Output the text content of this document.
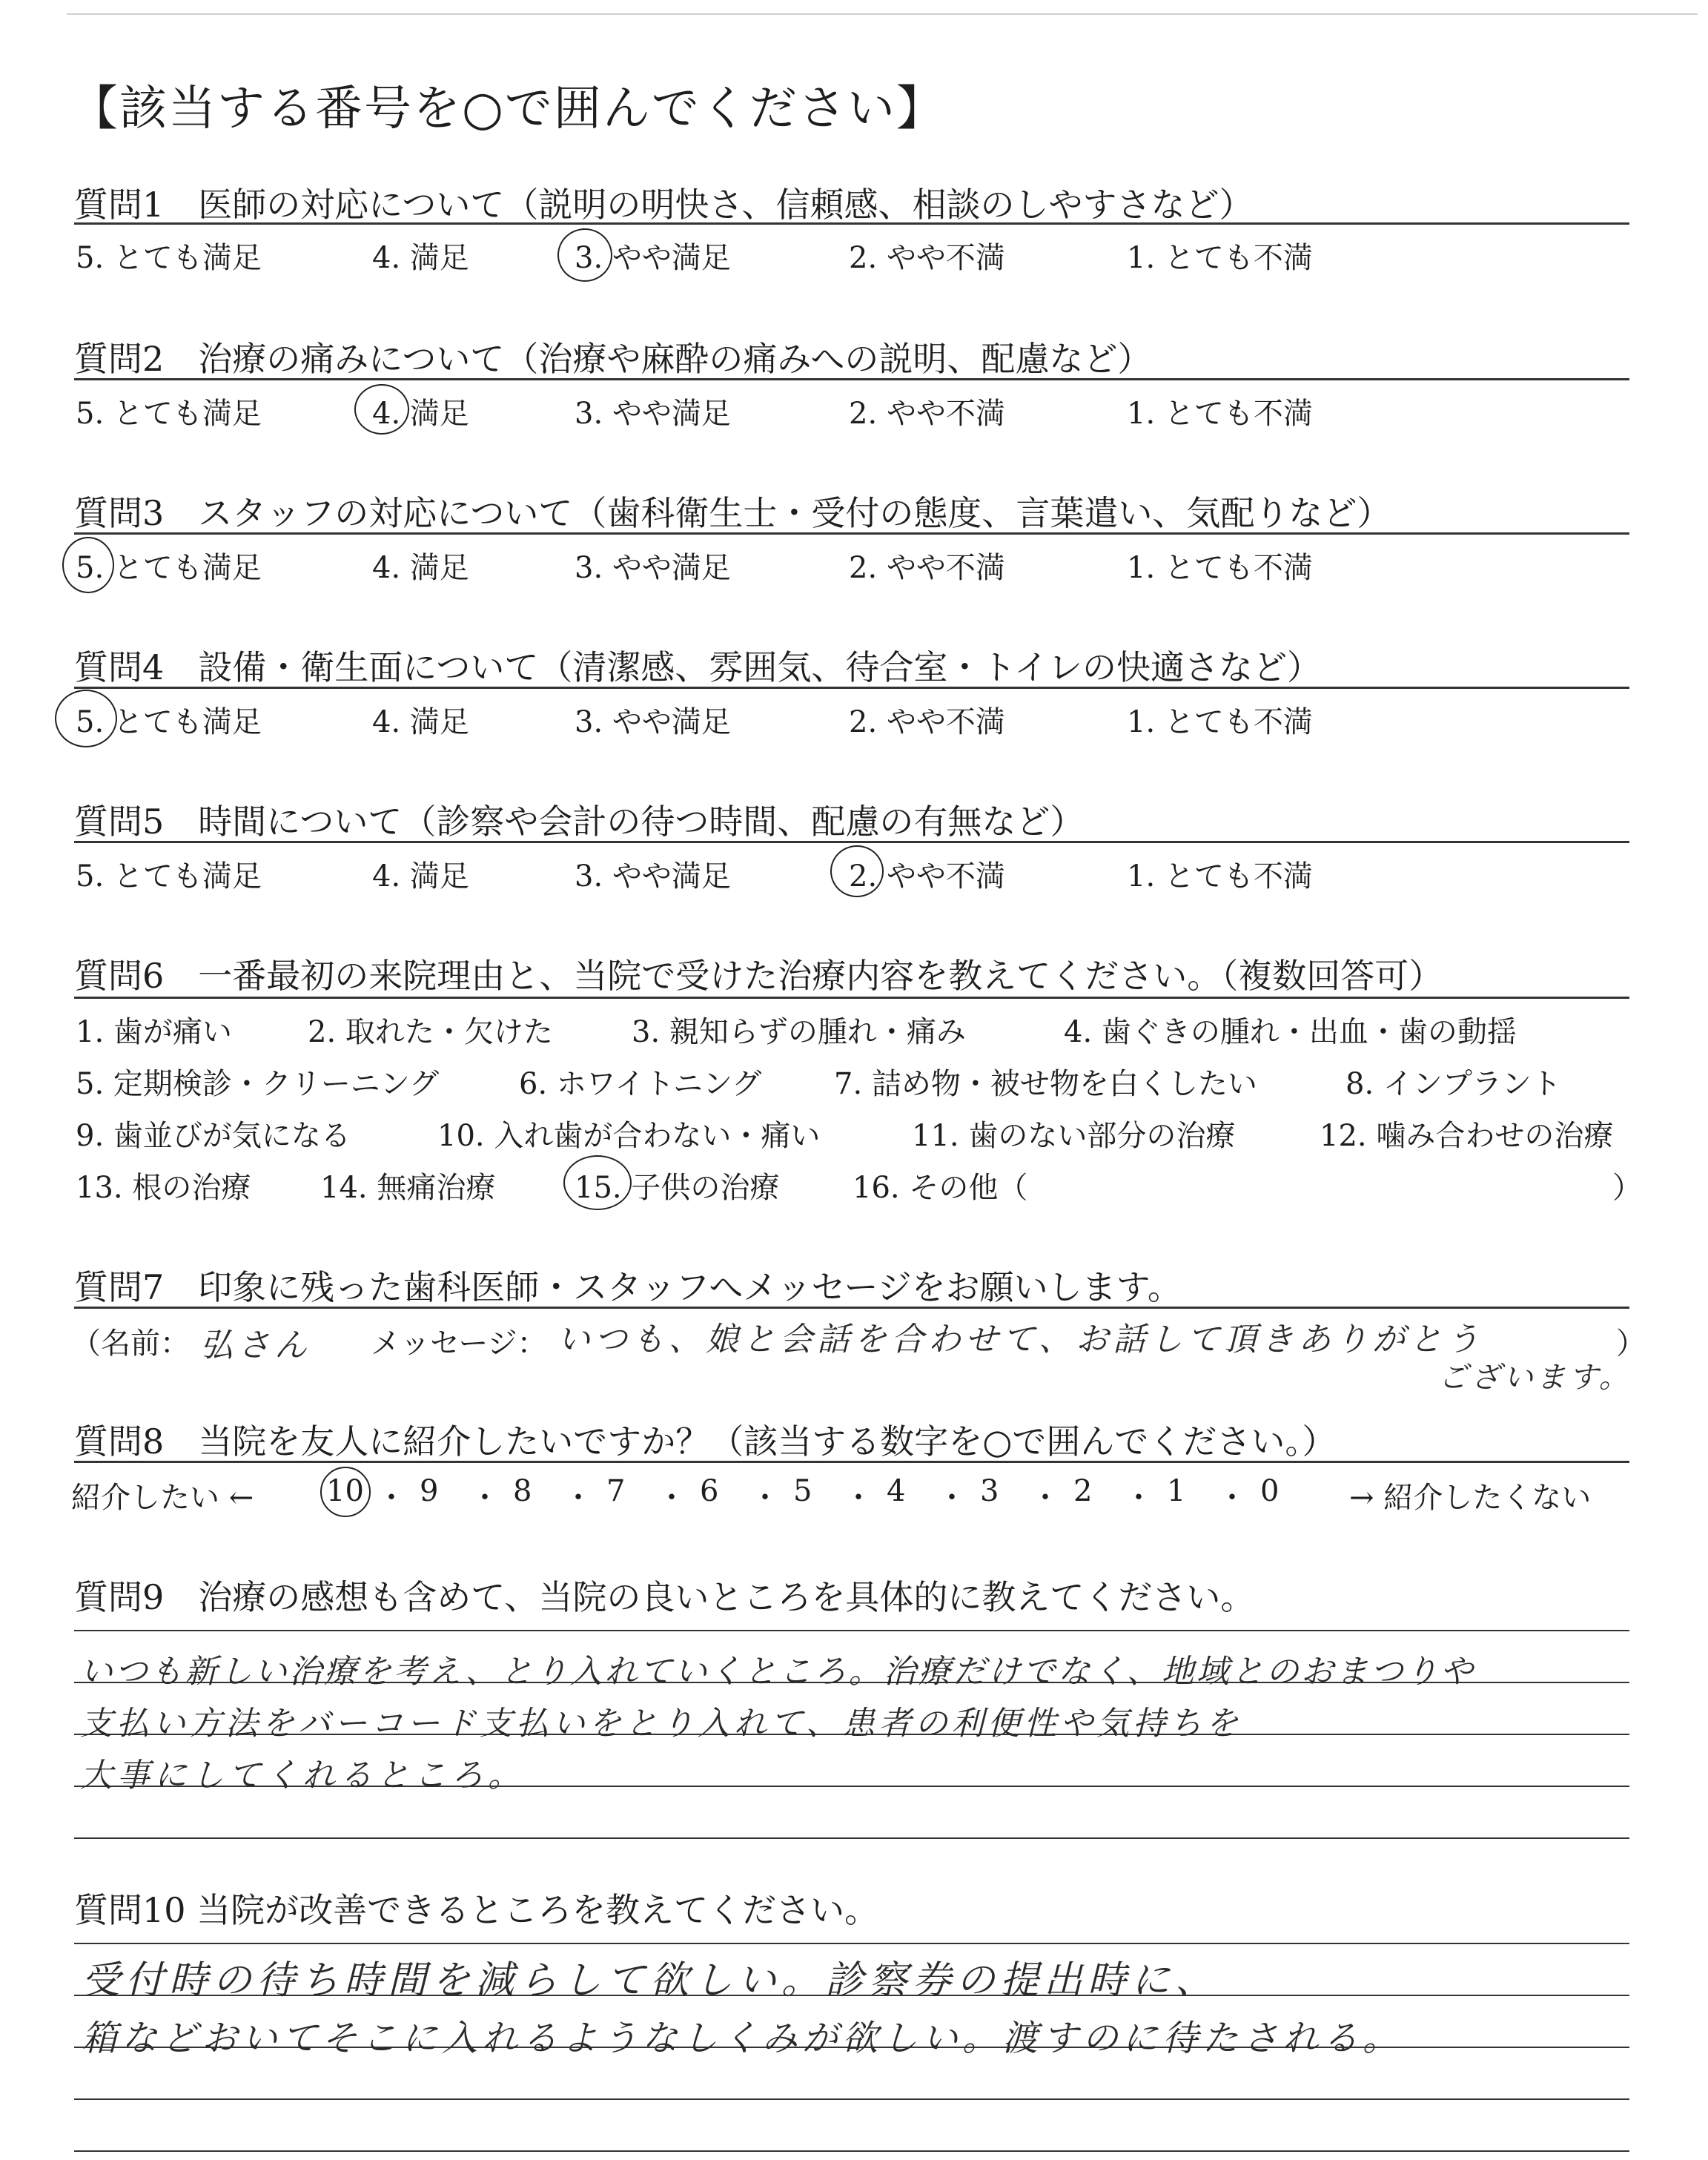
【該当する番号を○で囲んでください】
質問1　医師の対応について（説明の明快さ、信頼感、相談のしやすさなど）
5. とても満足	4. 満足	3. やや満足	2. やや不満	1. とても不満
質問2　治療の痛みについて（治療や麻酔の痛みへの説明、配慮など）
5. とても満足	4. 満足	3. やや満足	2. やや不満	1. とても不満
質問3　スタッフの対応について（歯科衛生士・受付の態度、言葉遣い、気配りなど）
5. とても満足	4. 満足	3. やや満足	2. やや不満	1. とても不満
質問4　設備・衛生面について（清潔感、雰囲気、待合室・トイレの快適さなど）
5. とても満足	4. 満足	3. やや満足	2. やや不満	1. とても不満
質問5　時間について（診察や会計の待つ時間、配慮の有無など）
5. とても満足	4. 満足	3. やや満足	2. やや不満	1. とても不満
質問6　一番最初の来院理由と、当院で受けた治療内容を教えてください。（複数回答可）
1. 歯が痛い	2. 取れた・欠けた	3. 親知らずの腫れ・痛み	4. 歯ぐきの腫れ・出血・歯の動揺
5. 定期検診・クリーニング	6. ホワイトニング 7. 詰め物・被せ物を白くしたい	8. インプラント
9. 歯並びが気になる	10. 入れ歯が合わない・痛い	11. 歯のない部分の治療	12. 噛み合わせの治療
13. 根の治療 14. 無痛治療	15. 子供の治療 16. その他（	）
質問7　印象に残った歯科医師・スタッフへメッセージをお願いします。
（名前： 弘さん メッセージ： いつも、娘と会話を合わせて、お話して頂きありがとう
ございます。
）
質問8　当院を友人に紹介したいですか？（該当する数字を○で囲んでください。）
紹介したい ← 10 ・ 9 ・ 8 ・ 7 ・ 6 ・ 5 ・ 4 ・ 3 ・ 2 ・ 1 ・ 0 → 紹介したくない
質問9　治療の感想も含めて、当院の良いところを具体的に教えてください。
いつも新しい治療を考え、とり入れていくところ。治療だけでなく、地域とのおまつりや
支払い方法をバーコード支払いをとり入れて、患者の利便性や気持ちを
大事にしてくれるところ。
質問10 当院が改善できるところを教えてください。
受付時の待ち時間を減らして欲しい。診察券の提出時に、
箱などおいてそこに入れるようなしくみが欲しい。渡すのに待たされる。
